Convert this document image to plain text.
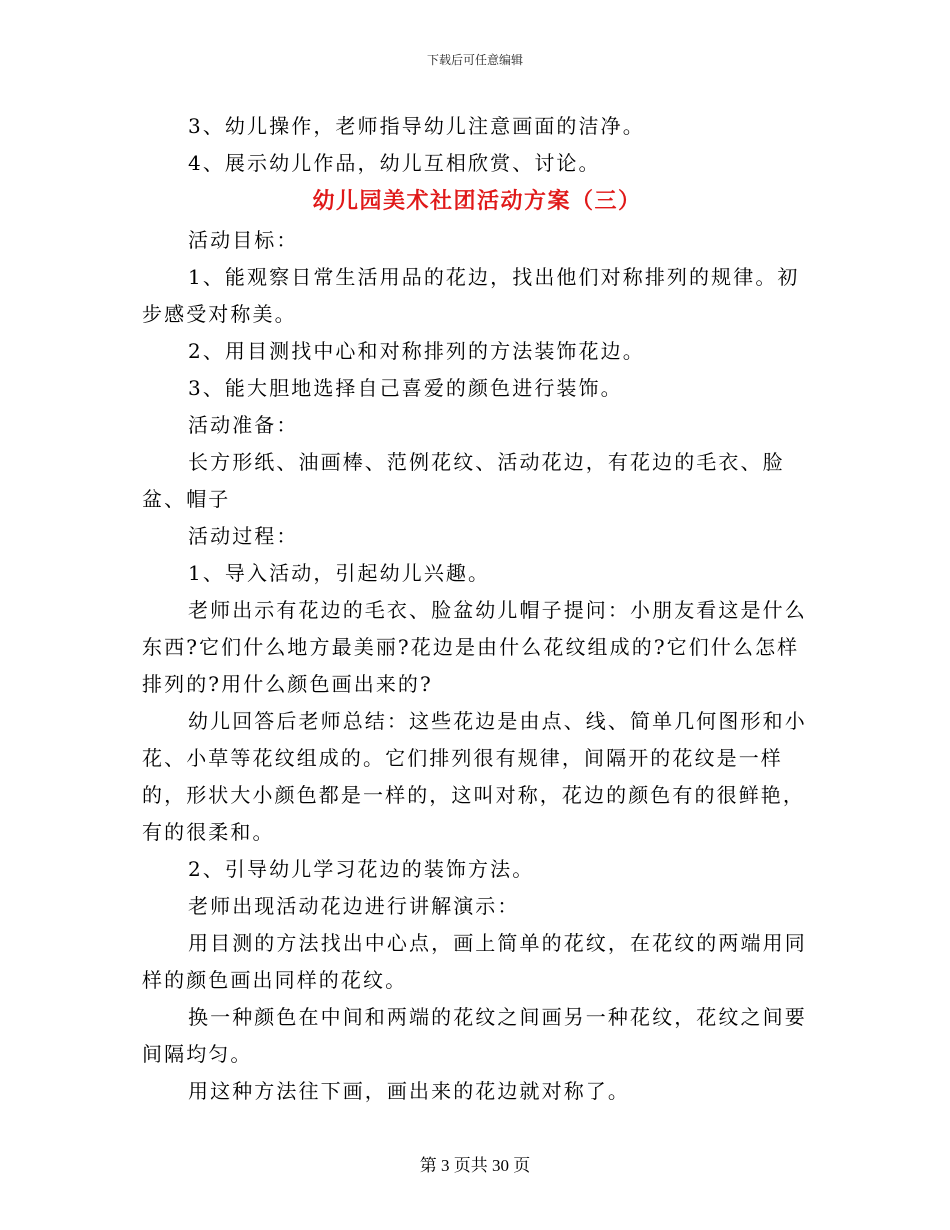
下载后可任意编辑

3、幼儿操作，老师指导幼儿注意画面的洁净。

4、展示幼儿作品，幼儿互相欣赏、讨论。

幼儿园美术社团活动方案（三）

活动目标：

1、能观察日常生活用品的花边，找出他们对称排列的规律。初步感受对称美。

2、用目测找中心和对称排列的方法装饰花边。

3、能大胆地选择自己喜爱的颜色进行装饰。

活动准备：

长方形纸、油画棒、范例花纹、活动花边，有花边的毛衣、脸盆、帽子

活动过程：

1、导入活动，引起幼儿兴趣。

老师出示有花边的毛衣、脸盆幼儿帽子提问：小朋友看这是什么东西?它们什么地方最美丽?花边是由什么花纹组成的?它们什么怎样排列的?用什么颜色画出来的?

幼儿回答后老师总结：这些花边是由点、线、简单几何图形和小花、小草等花纹组成的。它们排列很有规律，间隔开的花纹是一样的，形状大小颜色都是一样的，这叫对称，花边的颜色有的很鲜艳，有的很柔和。

2、引导幼儿学习花边的装饰方法。

老师出现活动花边进行讲解演示：

用目测的方法找出中心点，画上简单的花纹，在花纹的两端用同样的颜色画出同样的花纹。

换一种颜色在中间和两端的花纹之间画另一种花纹，花纹之间要间隔均匀。

用这种方法往下画，画出来的花边就对称了。

第 3 页共 30 页
